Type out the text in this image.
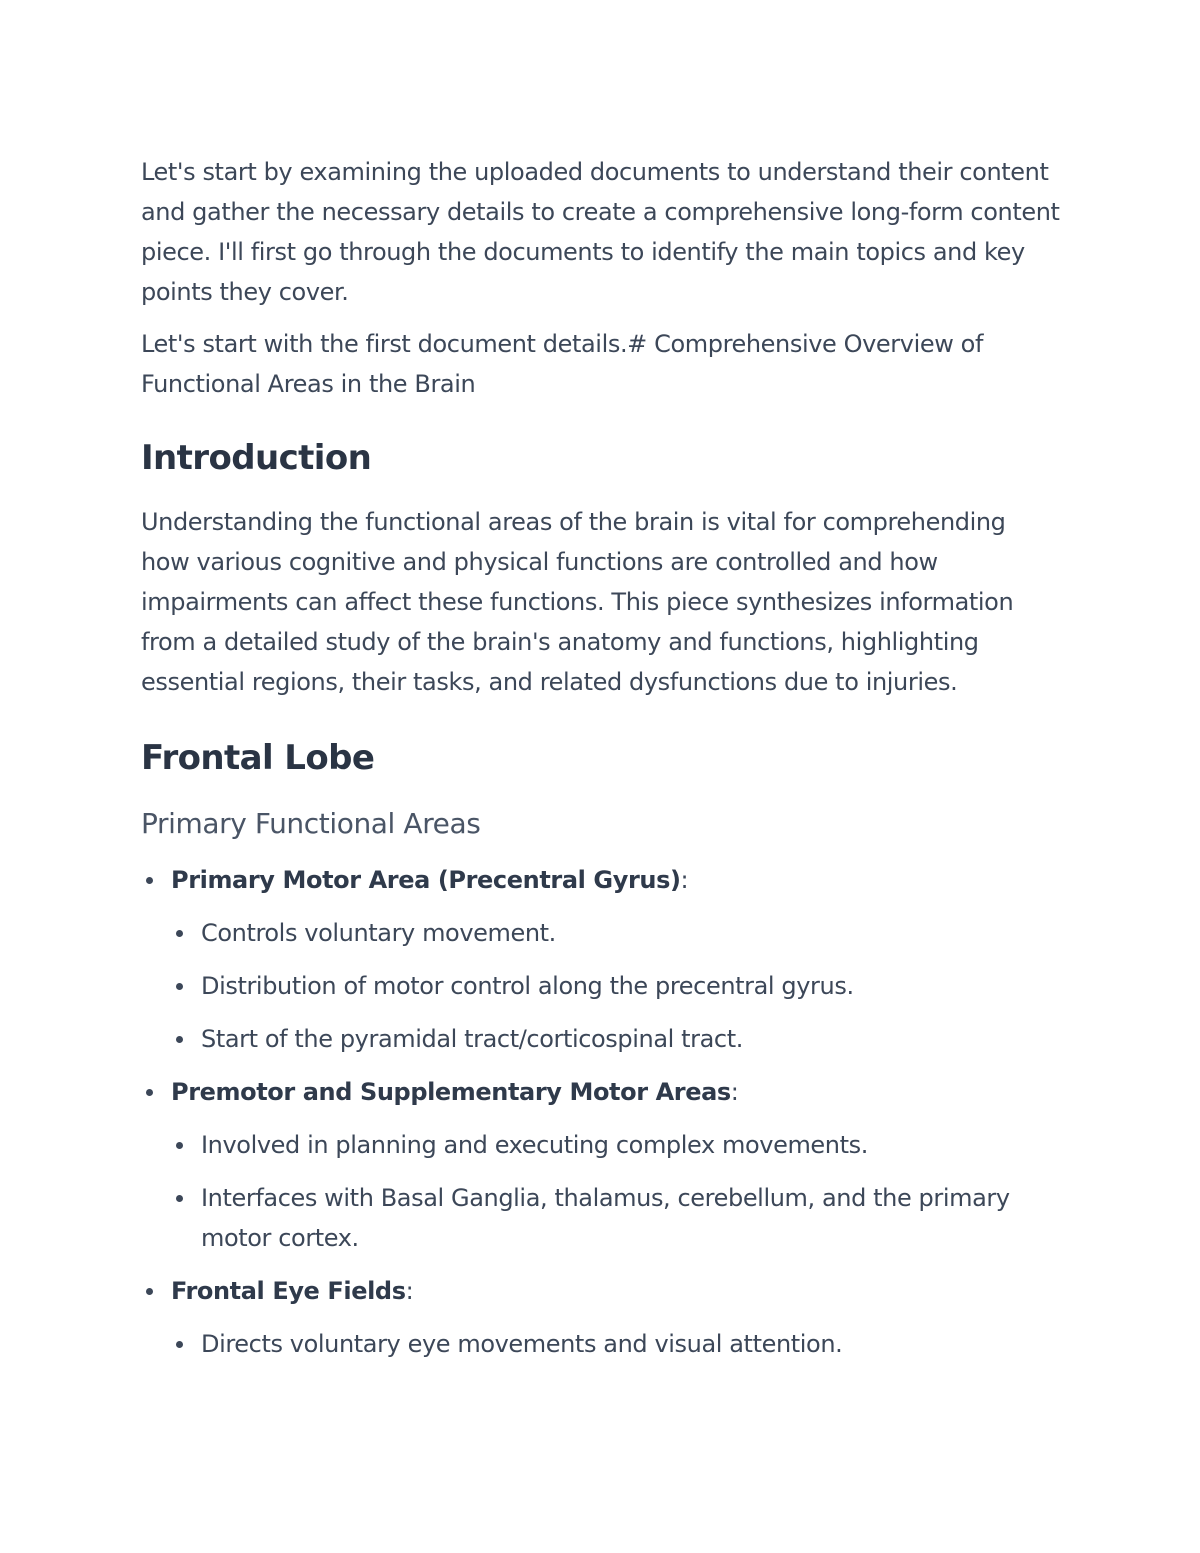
Let's start by examining the uploaded documents to understand their content and gather the necessary details to create a comprehensive long-form content piece. I'll first go through the documents to identify the main topics and key points they cover.

Let's start with the first document details.# Comprehensive Overview of Functional Areas in the Brain

Introduction

Understanding the functional areas of the brain is vital for comprehending how various cognitive and physical functions are controlled and how impairments can affect these functions. This piece synthesizes information from a detailed study of the brain's anatomy and functions, highlighting essential regions, their tasks, and related dysfunctions due to injuries.

Frontal Lobe
Primary Functional Areas
Primary Motor Area (Precentral Gyrus):
Controls voluntary movement.
Distribution of motor control along the precentral gyrus.
Start of the pyramidal tract/corticospinal tract.
Premotor and Supplementary Motor Areas:
Involved in planning and executing complex movements.
Interfaces with Basal Ganglia, thalamus, cerebellum, and the primary motor cortex.
Frontal Eye Fields:
Directs voluntary eye movements and visual attention.
